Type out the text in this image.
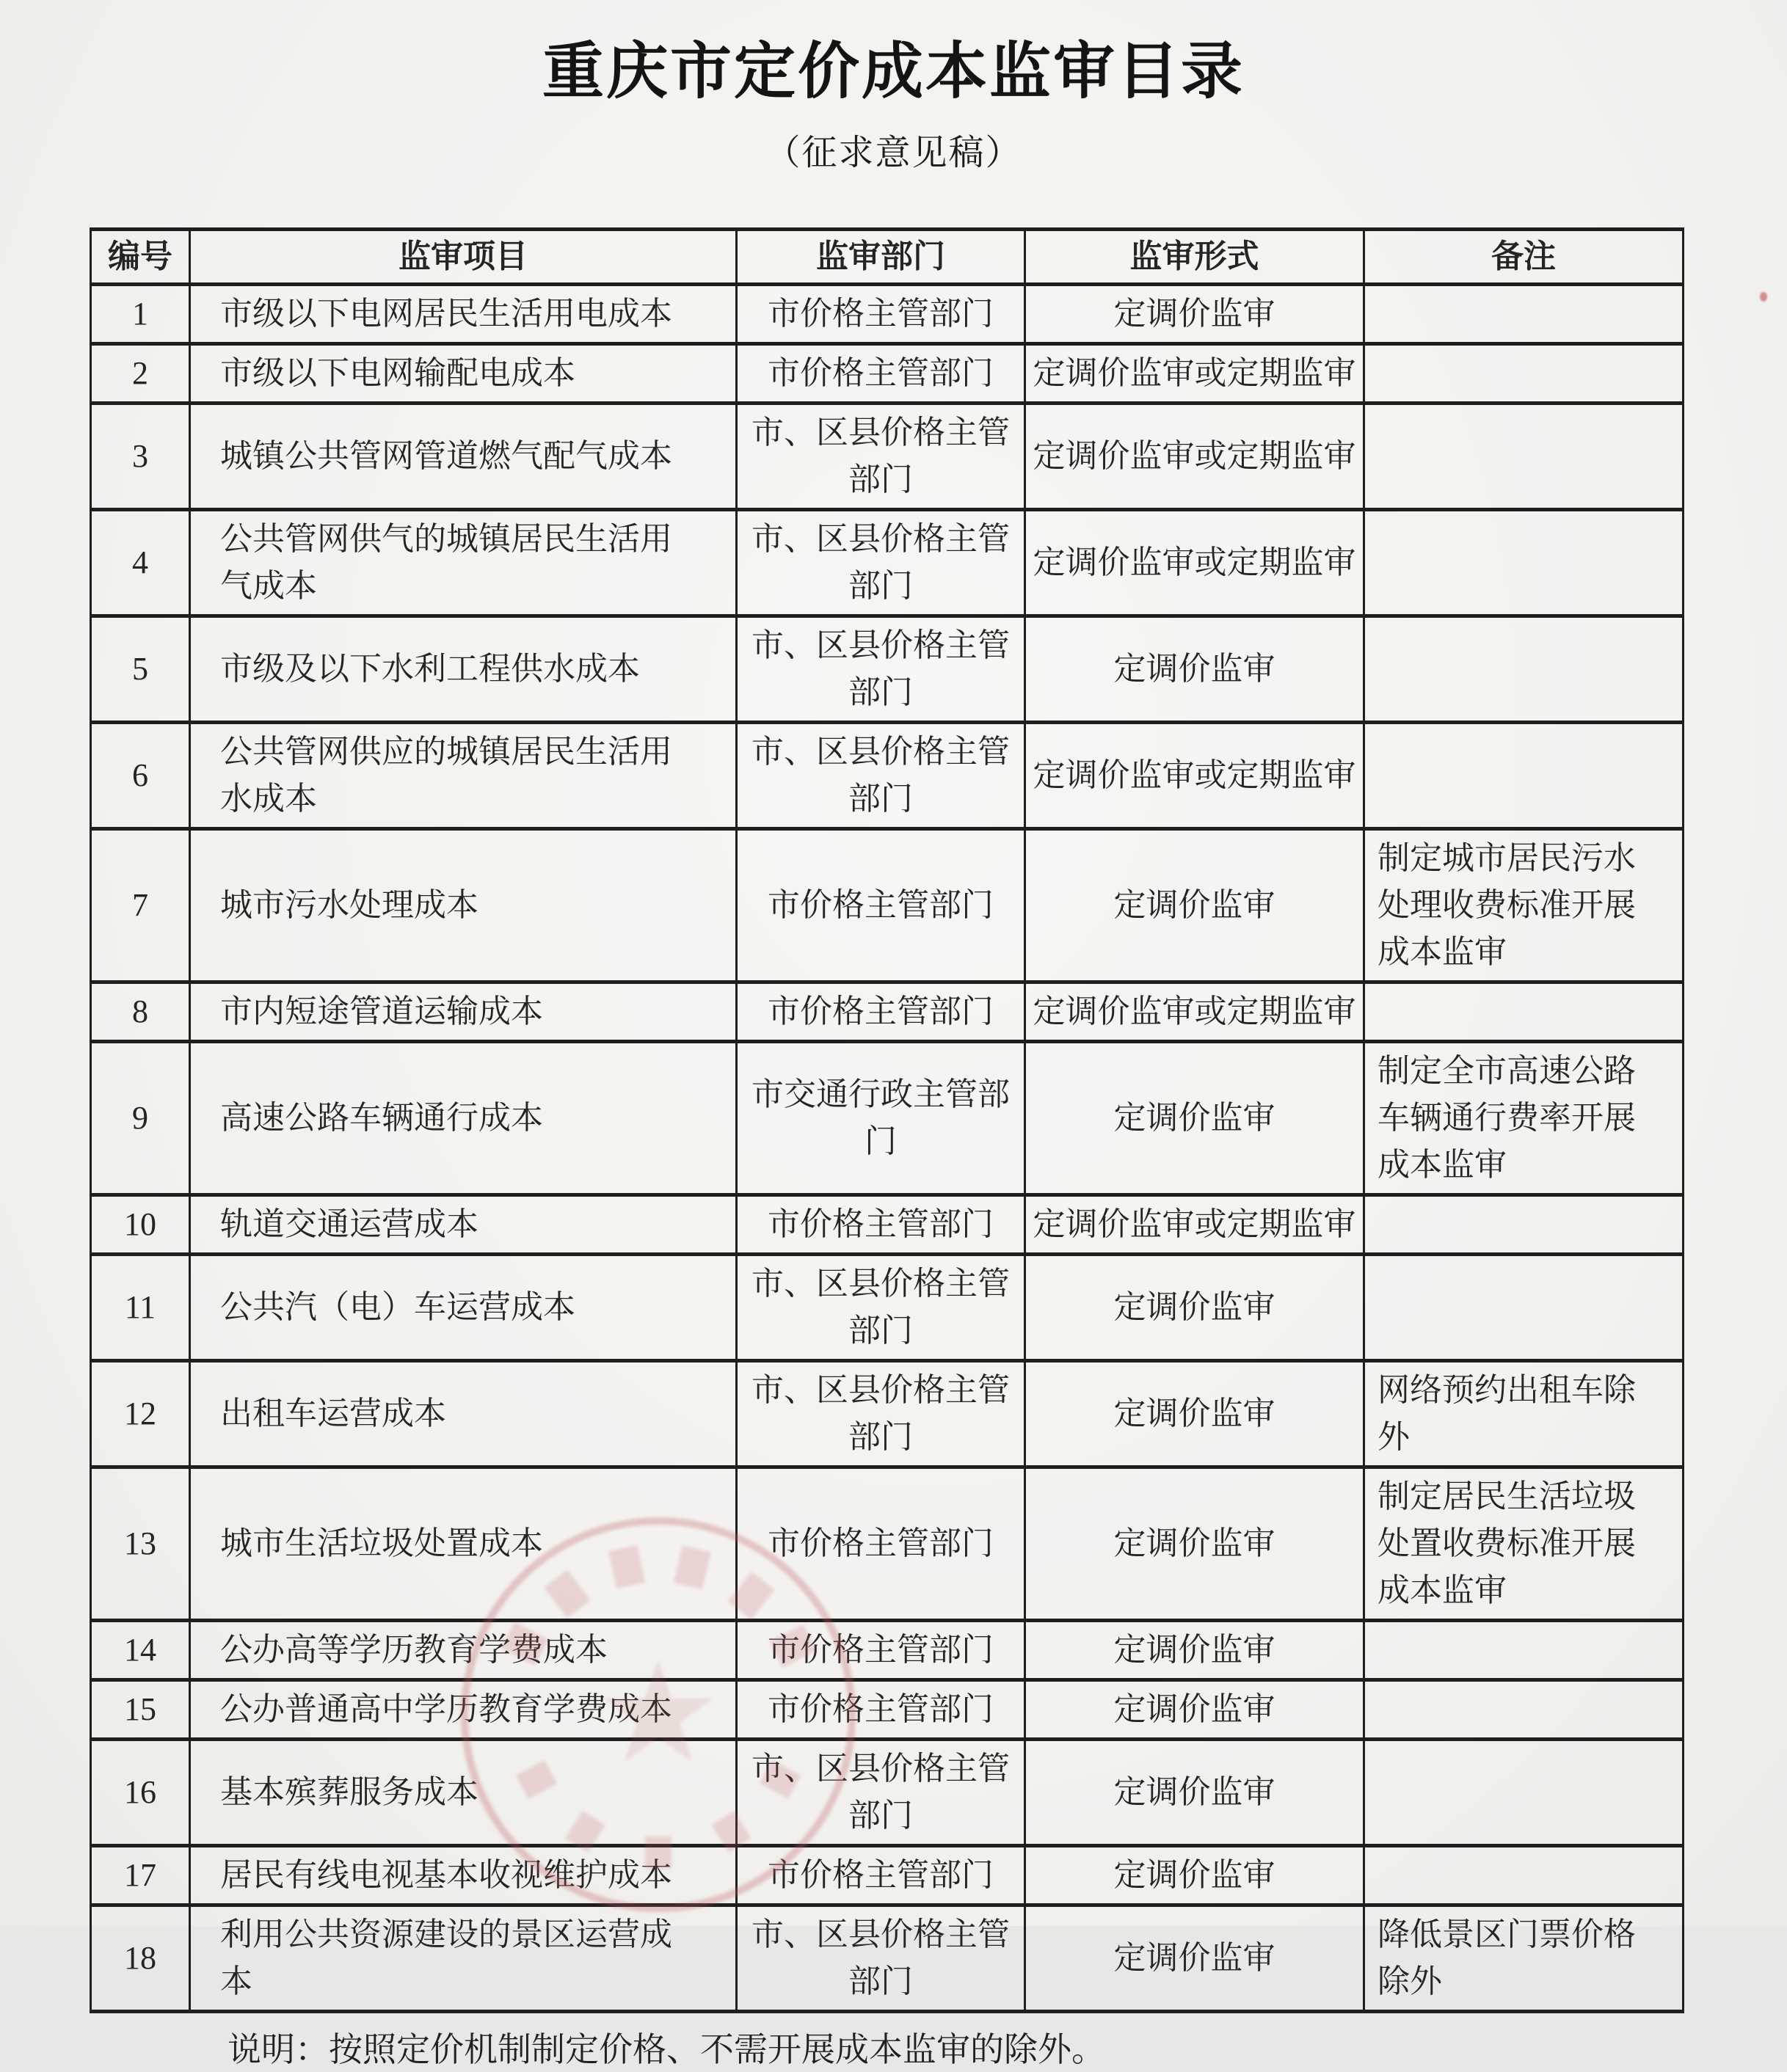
重庆市定价成本监审目录
（征求意见稿）
编号	监审项目	监审部门	监审形式	备注
1	市级以下电网居民生活用电成本	市价格主管部门	定调价监审	
2	市级以下电网输配电成本	市价格主管部门	定调价监审或定期监审	
3	城镇公共管网管道燃气配气成本	市、区县价格主管部门	定调价监审或定期监审	
4	公共管网供气的城镇居民生活用气成本	市、区县价格主管部门	定调价监审或定期监审	
5	市级及以下水利工程供水成本	市、区县价格主管部门	定调价监审	
6	公共管网供应的城镇居民生活用水成本	市、区县价格主管部门	定调价监审或定期监审	
7	城市污水处理成本	市价格主管部门	定调价监审	制定城市居民污水处理收费标准开展成本监审
8	市内短途管道运输成本	市价格主管部门	定调价监审或定期监审	
9	高速公路车辆通行成本	市交通行政主管部门	定调价监审	制定全市高速公路车辆通行费率开展成本监审
10	轨道交通运营成本	市价格主管部门	定调价监审或定期监审	
11	公共汽（电）车运营成本	市、区县价格主管部门	定调价监审	
12	出租车运营成本	市、区县价格主管部门	定调价监审	网络预约出租车除外
13	城市生活垃圾处置成本	市价格主管部门	定调价监审	制定居民生活垃圾处置收费标准开展成本监审
14	公办高等学历教育学费成本	市价格主管部门	定调价监审	
15	公办普通高中学历教育学费成本	市价格主管部门	定调价监审	
16	基本殡葬服务成本	市、区县价格主管部门	定调价监审	
17	居民有线电视基本收视维护成本	市价格主管部门	定调价监审	
18	利用公共资源建设的景区运营成本	市、区县价格主管部门	定调价监审	降低景区门票价格除外
说明：按照定价机制制定价格、不需开展成本监审的除外。
